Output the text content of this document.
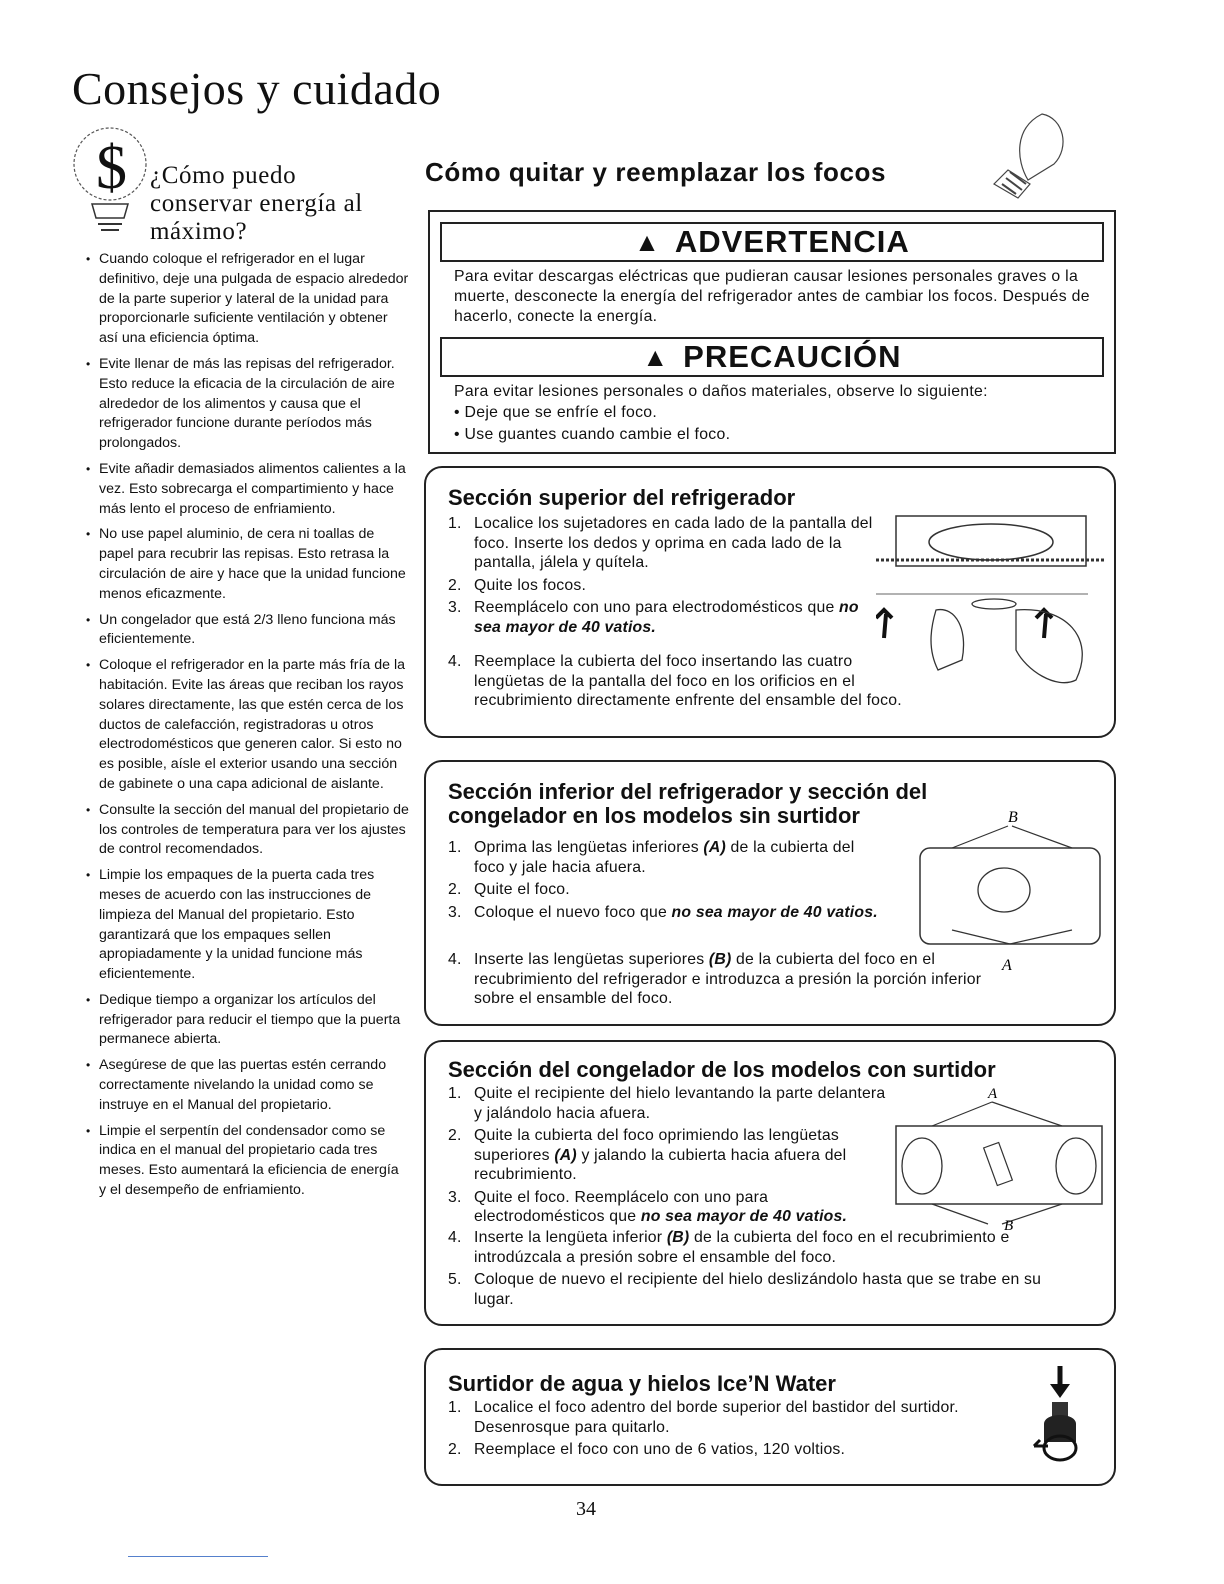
Consejos y cuidado
$ ¿Cómo puedo conservar energía al máximo?
• Cuando coloque el refrigerador en el lugar definitivo, deje una pulgada de espacio alrededor de la parte superior y lateral de la unidad para proporcionarle suficiente ventilación y obtener así una eficiencia óptima.
• Evite llenar de más las repisas del refrigerador. Esto reduce la eficacia de la circulación de aire alrededor de los alimentos y causa que el refrigerador funcione durante períodos más prolongados.
• Evite añadir demasiados alimentos calientes a la vez. Esto sobrecarga el compartimiento y hace más lento el proceso de enfriamiento.
• No use papel aluminio, de cera ni toallas de papel para recubrir las repisas. Esto retrasa la circulación de aire y hace que la unidad funcione menos eficazmente.
• Un congelador que está 2/3 lleno funciona más eficientemente.
• Coloque el refrigerador en la parte más fría de la habitación. Evite las áreas que reciban los rayos solares directamente, las que estén cerca de los ductos de calefacción, registradoras u otros electrodomésticos que generen calor. Si esto no es posible, aísle el exterior usando una sección de gabinete o una capa adicional de aislante.
• Consulte la sección del manual del propietario de los controles de temperatura para ver los ajustes de control recomendados.
• Limpie los empaques de la puerta cada tres meses de acuerdo con las instrucciones de limpieza del Manual del propietario. Esto garantizará que los empaques sellen apropiadamente y la unidad funcione más eficientemente.
• Dedique tiempo a organizar los artículos del refrigerador para reducir el tiempo que la puerta permanece abierta.
• Asegúrese de que las puertas estén cerrando correctamente nivelando la unidad como se instruye en el Manual del propietario.
• Limpie el serpentín del condensador como se indica en el manual del propietario cada tres meses. Esto aumentará la eficiencia de energía y el desempeño de enfriamiento.
Cómo quitar y reemplazar los focos
▲ ADVERTENCIA
Para evitar descargas eléctricas que pudieran causar lesiones personales graves o la muerte, desconecte la energía del refrigerador antes de cambiar los focos. Después de hacerlo, conecte la energía.
▲ PRECAUCIÓN
Para evitar lesiones personales o daños materiales, observe lo siguiente:
• Deje que se enfríe el foco.
• Use guantes cuando cambie el foco.
Sección superior del refrigerador
1. Localice los sujetadores en cada lado de la pantalla del foco. Inserte los dedos y oprima en cada lado de la pantalla, jálela y quítela.
2. Quite los focos.
3. Reemplácelo con uno para electrodomésticos que no sea mayor de 40 vatios.
4. Reemplace la cubierta del foco insertando las cuatro lengüetas de la pantalla del foco en los orificios en el recubrimiento directamente enfrente del ensamble del foco.
Sección inferior del refrigerador y sección del congelador en los modelos sin surtidor
1. Oprima las lengüetas inferiores (A) de la cubierta del foco y jale hacia afuera.
2. Quite el foco.
3. Coloque el nuevo foco que no sea mayor de 40 vatios.
4. Inserte las lengüetas superiores (B) de la cubierta del foco en el recubrimiento del refrigerador e introduzca a presión la porción inferior sobre el ensamble del foco.
B
A
Sección del congelador de los modelos con surtidor
1. Quite el recipiente del hielo levantando la parte delantera y jalándolo hacia afuera.
2. Quite la cubierta del foco oprimiendo las lengüetas superiores (A) y jalando la cubierta hacia afuera del recubrimiento.
3. Quite el foco. Reemplácelo con uno para electrodomésticos que no sea mayor de 40 vatios.
4. Inserte la lengüeta inferior (B) de la cubierta del foco en el recubrimiento e introdúzcala a presión sobre el ensamble del foco.
5. Coloque de nuevo el recipiente del hielo deslizándolo hasta que se trabe en su lugar.
A
B
Surtidor de agua y hielos Ice’N Water
1. Localice el foco adentro del borde superior del bastidor del surtidor. Desenrosque para quitarlo.
2. Reemplace el foco con uno de 6 vatios, 120 voltios.
34
